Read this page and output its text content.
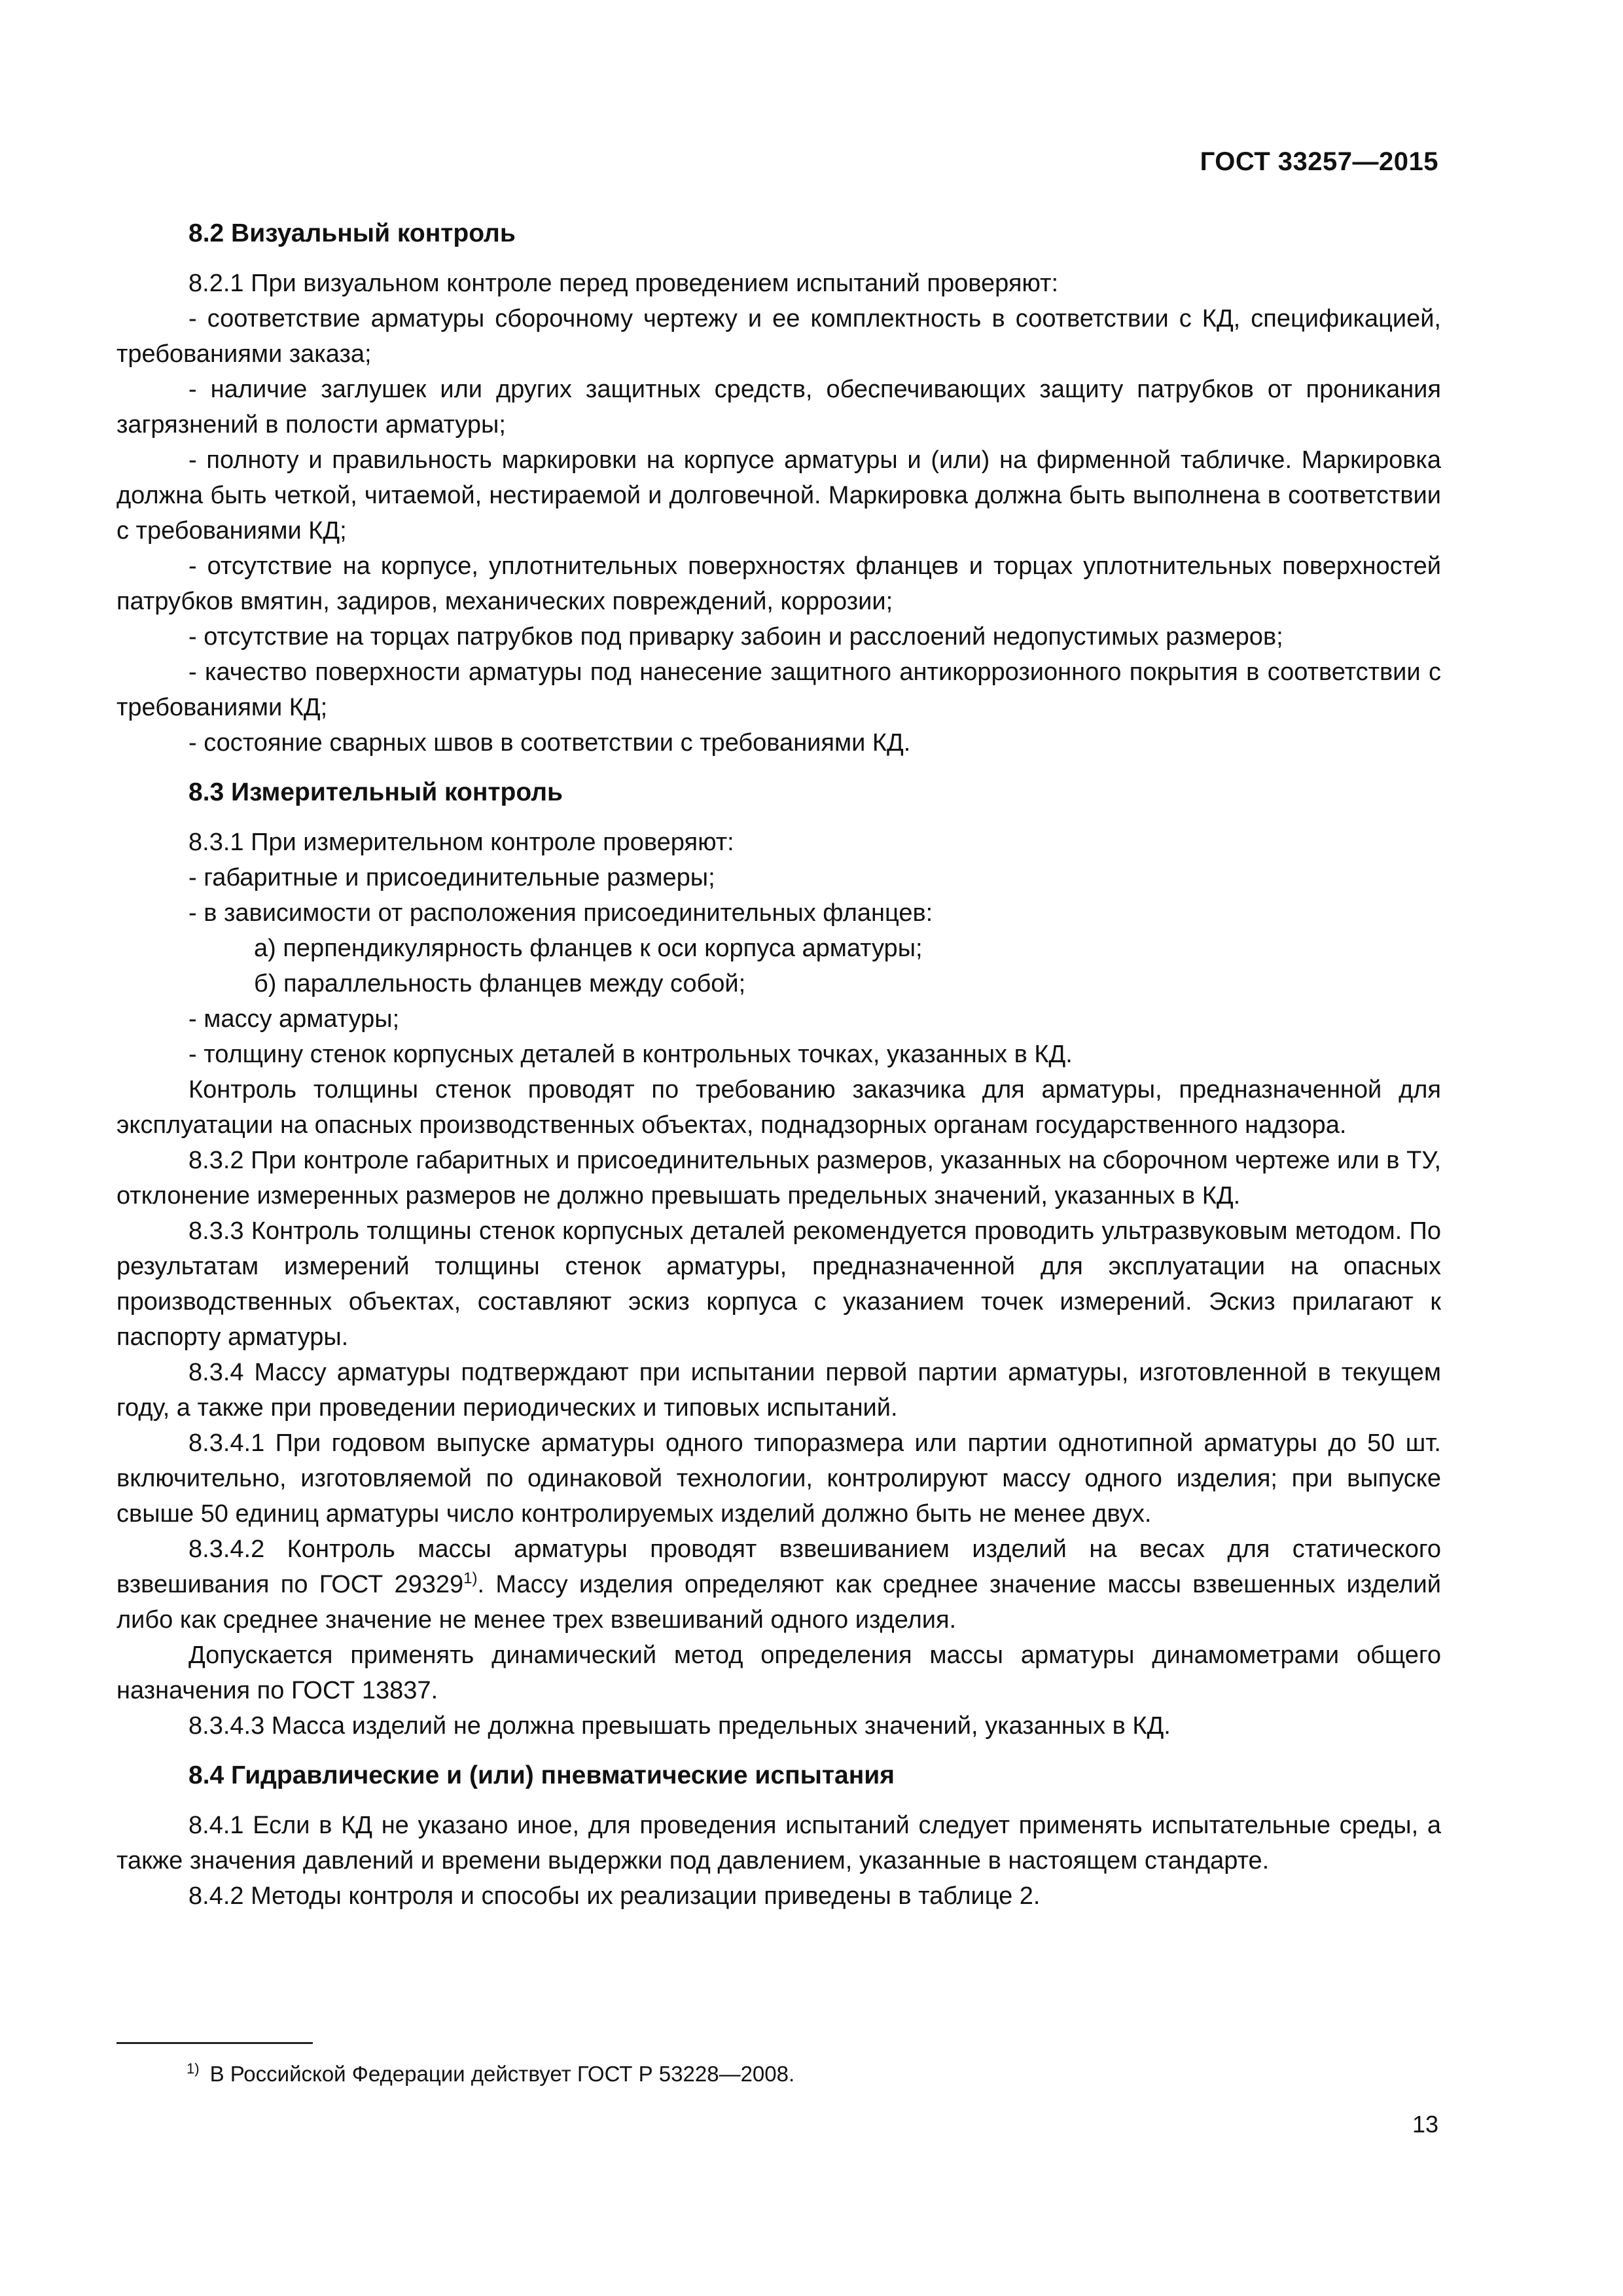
ГОСТ 33257—2015

8.2 Визуальный контроль

8.2.1 При визуальном контроле перед проведением испытаний проверяют:

- соответствие арматуры сборочному чертежу и ее комплектность в соответствии с КД, спецификацией, требованиями заказа;

- наличие заглушек или других защитных средств, обеспечивающих защиту патрубков от проникания загрязнений в полости арматуры;

- полноту и правильность маркировки на корпусе арматуры и (или) на фирменной табличке. Маркировка должна быть четкой, читаемой, нестираемой и долговечной. Маркировка должна быть выполнена в соответствии с требованиями КД;

- отсутствие на корпусе, уплотнительных поверхностях фланцев и торцах уплотнительных поверхностей патрубков вмятин, задиров, механических повреждений, коррозии;

- отсутствие на торцах патрубков под приварку забоин и расслоений недопустимых размеров;

- качество поверхности арматуры под нанесение защитного антикоррозионного покрытия в соответствии с требованиями КД;

- состояние сварных швов в соответствии с требованиями КД.

8.3 Измерительный контроль

8.3.1 При измерительном контроле проверяют:

- габаритные и присоединительные размеры;

- в зависимости от расположения присоединительных фланцев:

а) перпендикулярность фланцев к оси корпуса арматуры;

б) параллельность фланцев между собой;

- массу арматуры;

- толщину стенок корпусных деталей в контрольных точках, указанных в КД.

Контроль толщины стенок проводят по требованию заказчика для арматуры, предназначенной для эксплуатации на опасных производственных объектах, поднадзорных органам государственного надзора.

8.3.2 При контроле габаритных и присоединительных размеров, указанных на сборочном чертеже или в ТУ, отклонение измеренных размеров не должно превышать предельных значений, указанных в КД.

8.3.3 Контроль толщины стенок корпусных деталей рекомендуется проводить ультразвуковым методом. По результатам измерений толщины стенок арматуры, предназначенной для эксплуатации на опасных производственных объектах, составляют эскиз корпуса с указанием точек измерений. Эскиз прилагают к паспорту арматуры.

8.3.4 Массу арматуры подтверждают при испытании первой партии арматуры, изготовленной в текущем году, а также при проведении периодических и типовых испытаний.

8.3.4.1 При годовом выпуске арматуры одного типоразмера или партии однотипной арматуры до 50 шт. включительно, изготовляемой по одинаковой технологии, контролируют массу одного изделия; при выпуске свыше 50 единиц арматуры число контролируемых изделий должно быть не менее двух.

8.3.4.2 Контроль массы арматуры проводят взвешиванием изделий на весах для статического взвешивания по ГОСТ 29329$^{1)}$. Массу изделия определяют как среднее значение массы взвешенных изделий либо как среднее значение не менее трех взвешиваний одного изделия.

Допускается применять динамический метод определения массы арматуры динамометрами общего назначения по ГОСТ 13837.

8.3.4.3 Масса изделий не должна превышать предельных значений, указанных в КД.

8.4 Гидравлические и (или) пневматические испытания

8.4.1 Если в КД не указано иное, для проведения испытаний следует применять испытательные среды, а также значения давлений и времени выдержки под давлением, указанные в настоящем стандарте.

8.4.2 Методы контроля и способы их реализации приведены в таблице 2.

$^{1)}$ В Российской Федерации действует ГОСТ Р 53228—2008.
13
